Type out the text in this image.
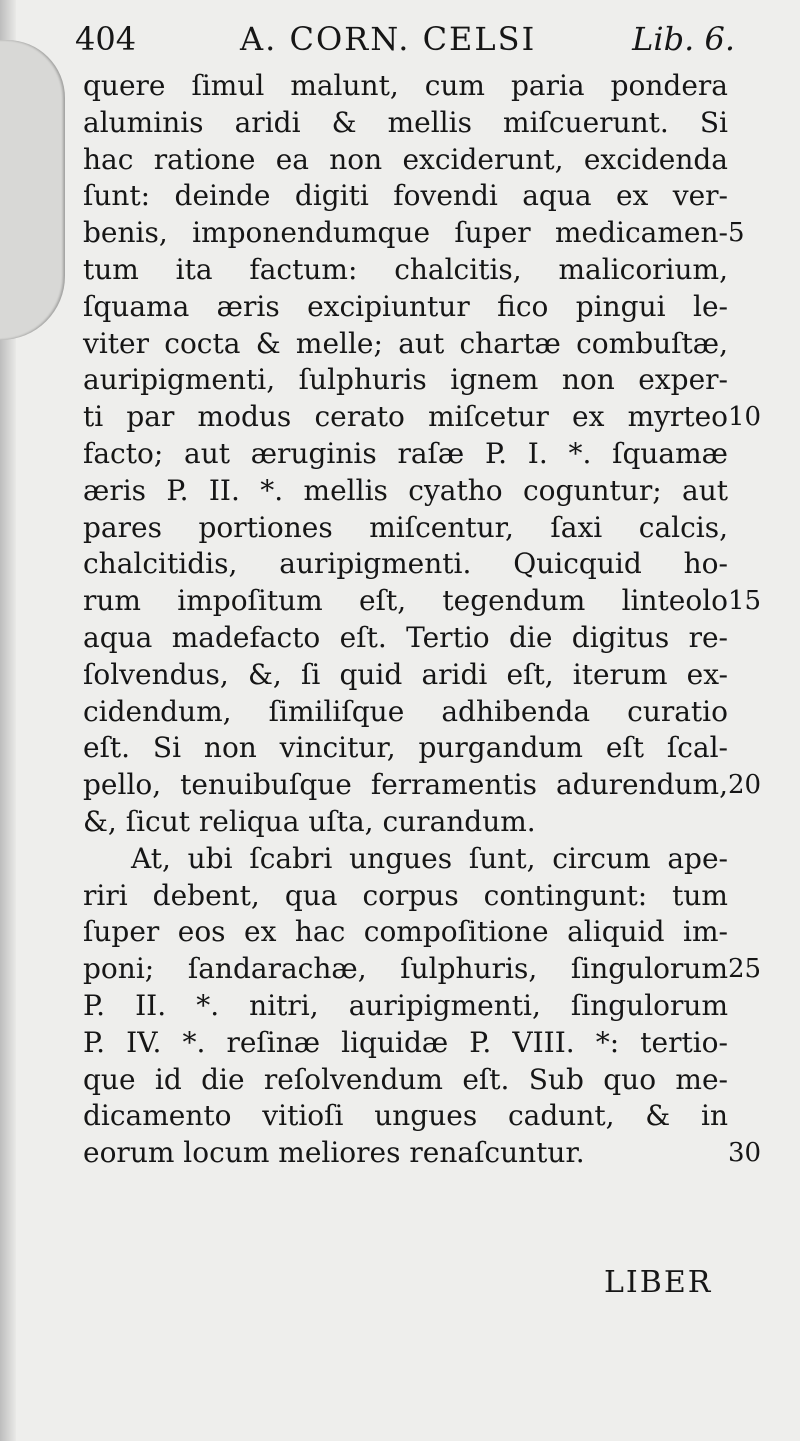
404	A. CORN. CELSI	Lib. 6.
quere ſimul malunt, cum paria pondera
aluminis aridi & mellis miſcuerunt. Si
hac ratione ea non exciderunt, excidenda
ſunt: deinde digiti fovendi aqua ex ver-
benis, imponendumque ſuper medicamen-
tum ita factum: chalcitis, malicorium,
ſquama æris excipiuntur fico pingui le-
viter cocta & melle; aut chartæ combuſtæ,
auripigmenti, ſulphuris ignem non exper-
ti par modus cerato miſcetur ex myrteo
facto; aut æruginis raſæ P. I. *. ſquamæ
æris P. II. *. mellis cyatho coguntur; aut
pares portiones miſcentur, ſaxi calcis,
chalcitidis, auripigmenti. Quicquid ho-
rum impoſitum eſt, tegendum linteolo
aqua madefacto eſt. Tertio die digitus re-
ſolvendus, &, ſi quid aridi eſt, iterum ex-
cidendum, ſimiliſque adhibenda curatio
eſt. Si non vincitur, purgandum eſt ſcal-
pello, tenuibuſque ferramentis adurendum,
&, ſicut reliqua uſta, curandum.
At, ubi ſcabri ungues ſunt, circum ape-
riri debent, qua corpus contingunt: tum
ſuper eos ex hac compoſitione aliquid im-
poni; ſandarachæ, ſulphuris, ſingulorum
P. II. *. nitri, auripigmenti, ſingulorum
P. IV. *. reſinæ liquidæ P. VIII. *: tertio-
que id die reſolvendum eſt. Sub quo me-
dicamento vitioſi ungues cadunt, & in
eorum locum meliores renaſcuntur.
5
10
15
20
25
30
LIBER
